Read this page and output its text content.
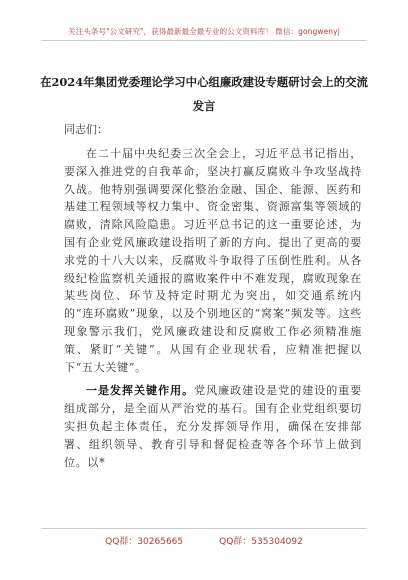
关注头条号"公文研究"，获得最新最全最专业的公文资料库！ 微信：gongwenyj
在2024年集团党委理论学习中心组廉政建设专题研讨会上的交流发言
同志们：

在二十届中央纪委三次全会上，习近平总书记指出，要深入推进党的自我革命，坚决打赢反腐败斗争攻坚战持久战。他特别强调要深化整治金融、国企、能源、医药和基建工程领域等权力集中、资金密集、资源富集等领域的腐败，清除风险隐患。习近平总书记的这一重要论述，为国有企业党风廉政建设指明了新的方向、提出了更高的要求党的十八大以来，反腐败斗争取得了压倒性胜利。从各级纪检监察机关通报的腐败案件中不难发现，腐败现象在某些岗位、环节及特定时期尤为突出，如交通系统内的“连环腐败”现象，以及个别地区的“窝案”频发等。这些现象警示我们，党风廉政建设和反腐败工作必须精准施策、紧盯“关键”。从国有企业现状看，应精准把握以下“五大关键”。

一是发挥关键作用。党风廉政建设是党的建设的重要组成部分，是全面从严治党的基石。国有企业党组织要切实担负起主体责任，充分发挥领导作用，确保在安排部署、组织领导、教育引导和督促检查等各个环节上做到位。以*

QQ群：30265665	QQ群：535304092
